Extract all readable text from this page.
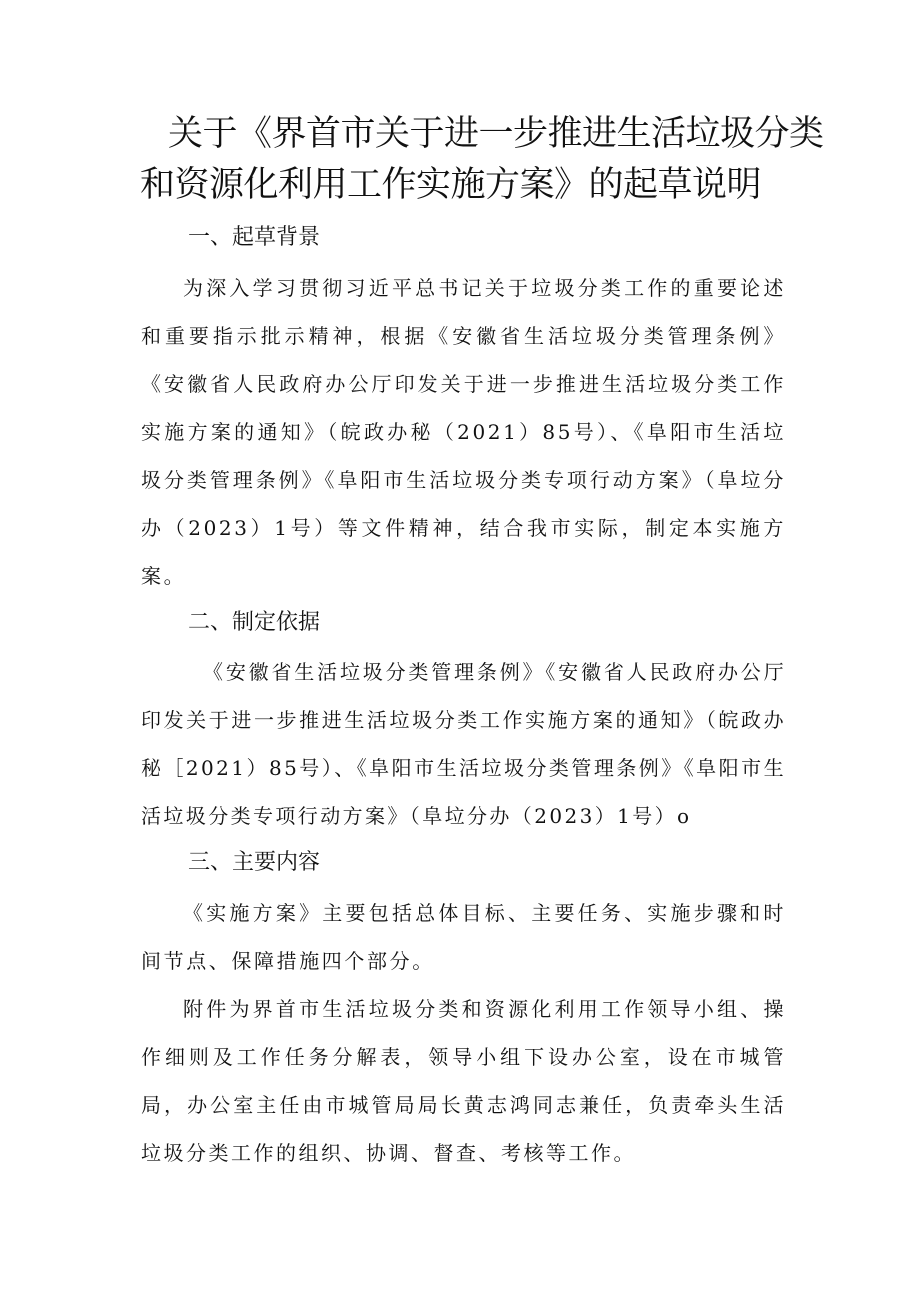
关于《界首市关于进一步推进生活垃圾分类
和资源化利用工作实施方案》的起草说明
一、起草背景
为深入学习贯彻习近平总书记关于垃圾分类工作的重要论述和重要指示批示精神，根据《安徽省生活垃圾分类管理条例》《安徽省人民政府办公厅印发关于进一步推进生活垃圾分类工作实施方案的通知》（皖政办秘（2021）85号）、《阜阳市生活垃圾分类管理条例》《阜阳市生活垃圾分类专项行动方案》（阜垃分办（2023）1号）等文件精神，结合我市实际，制定本实施方案。
二、制定依据
《安徽省生活垃圾分类管理条例》《安徽省人民政府办公厅印发关于进一步推进生活垃圾分类工作实施方案的通知》（皖政办秘［2021）85号）、《阜阳市生活垃圾分类管理条例》《阜阳市生活垃圾分类专项行动方案》（阜垃分办（2023）1号）o
三、主要内容
《实施方案》主要包括总体目标、主要任务、实施步骤和时间节点、保障措施四个部分。
附件为界首市生活垃圾分类和资源化利用工作领导小组、操作细则及工作任务分解表，领导小组下设办公室，设在市城管局，办公室主任由市城管局局长黄志鸿同志兼任，负责牵头生活垃圾分类工作的组织、协调、督查、考核等工作。
